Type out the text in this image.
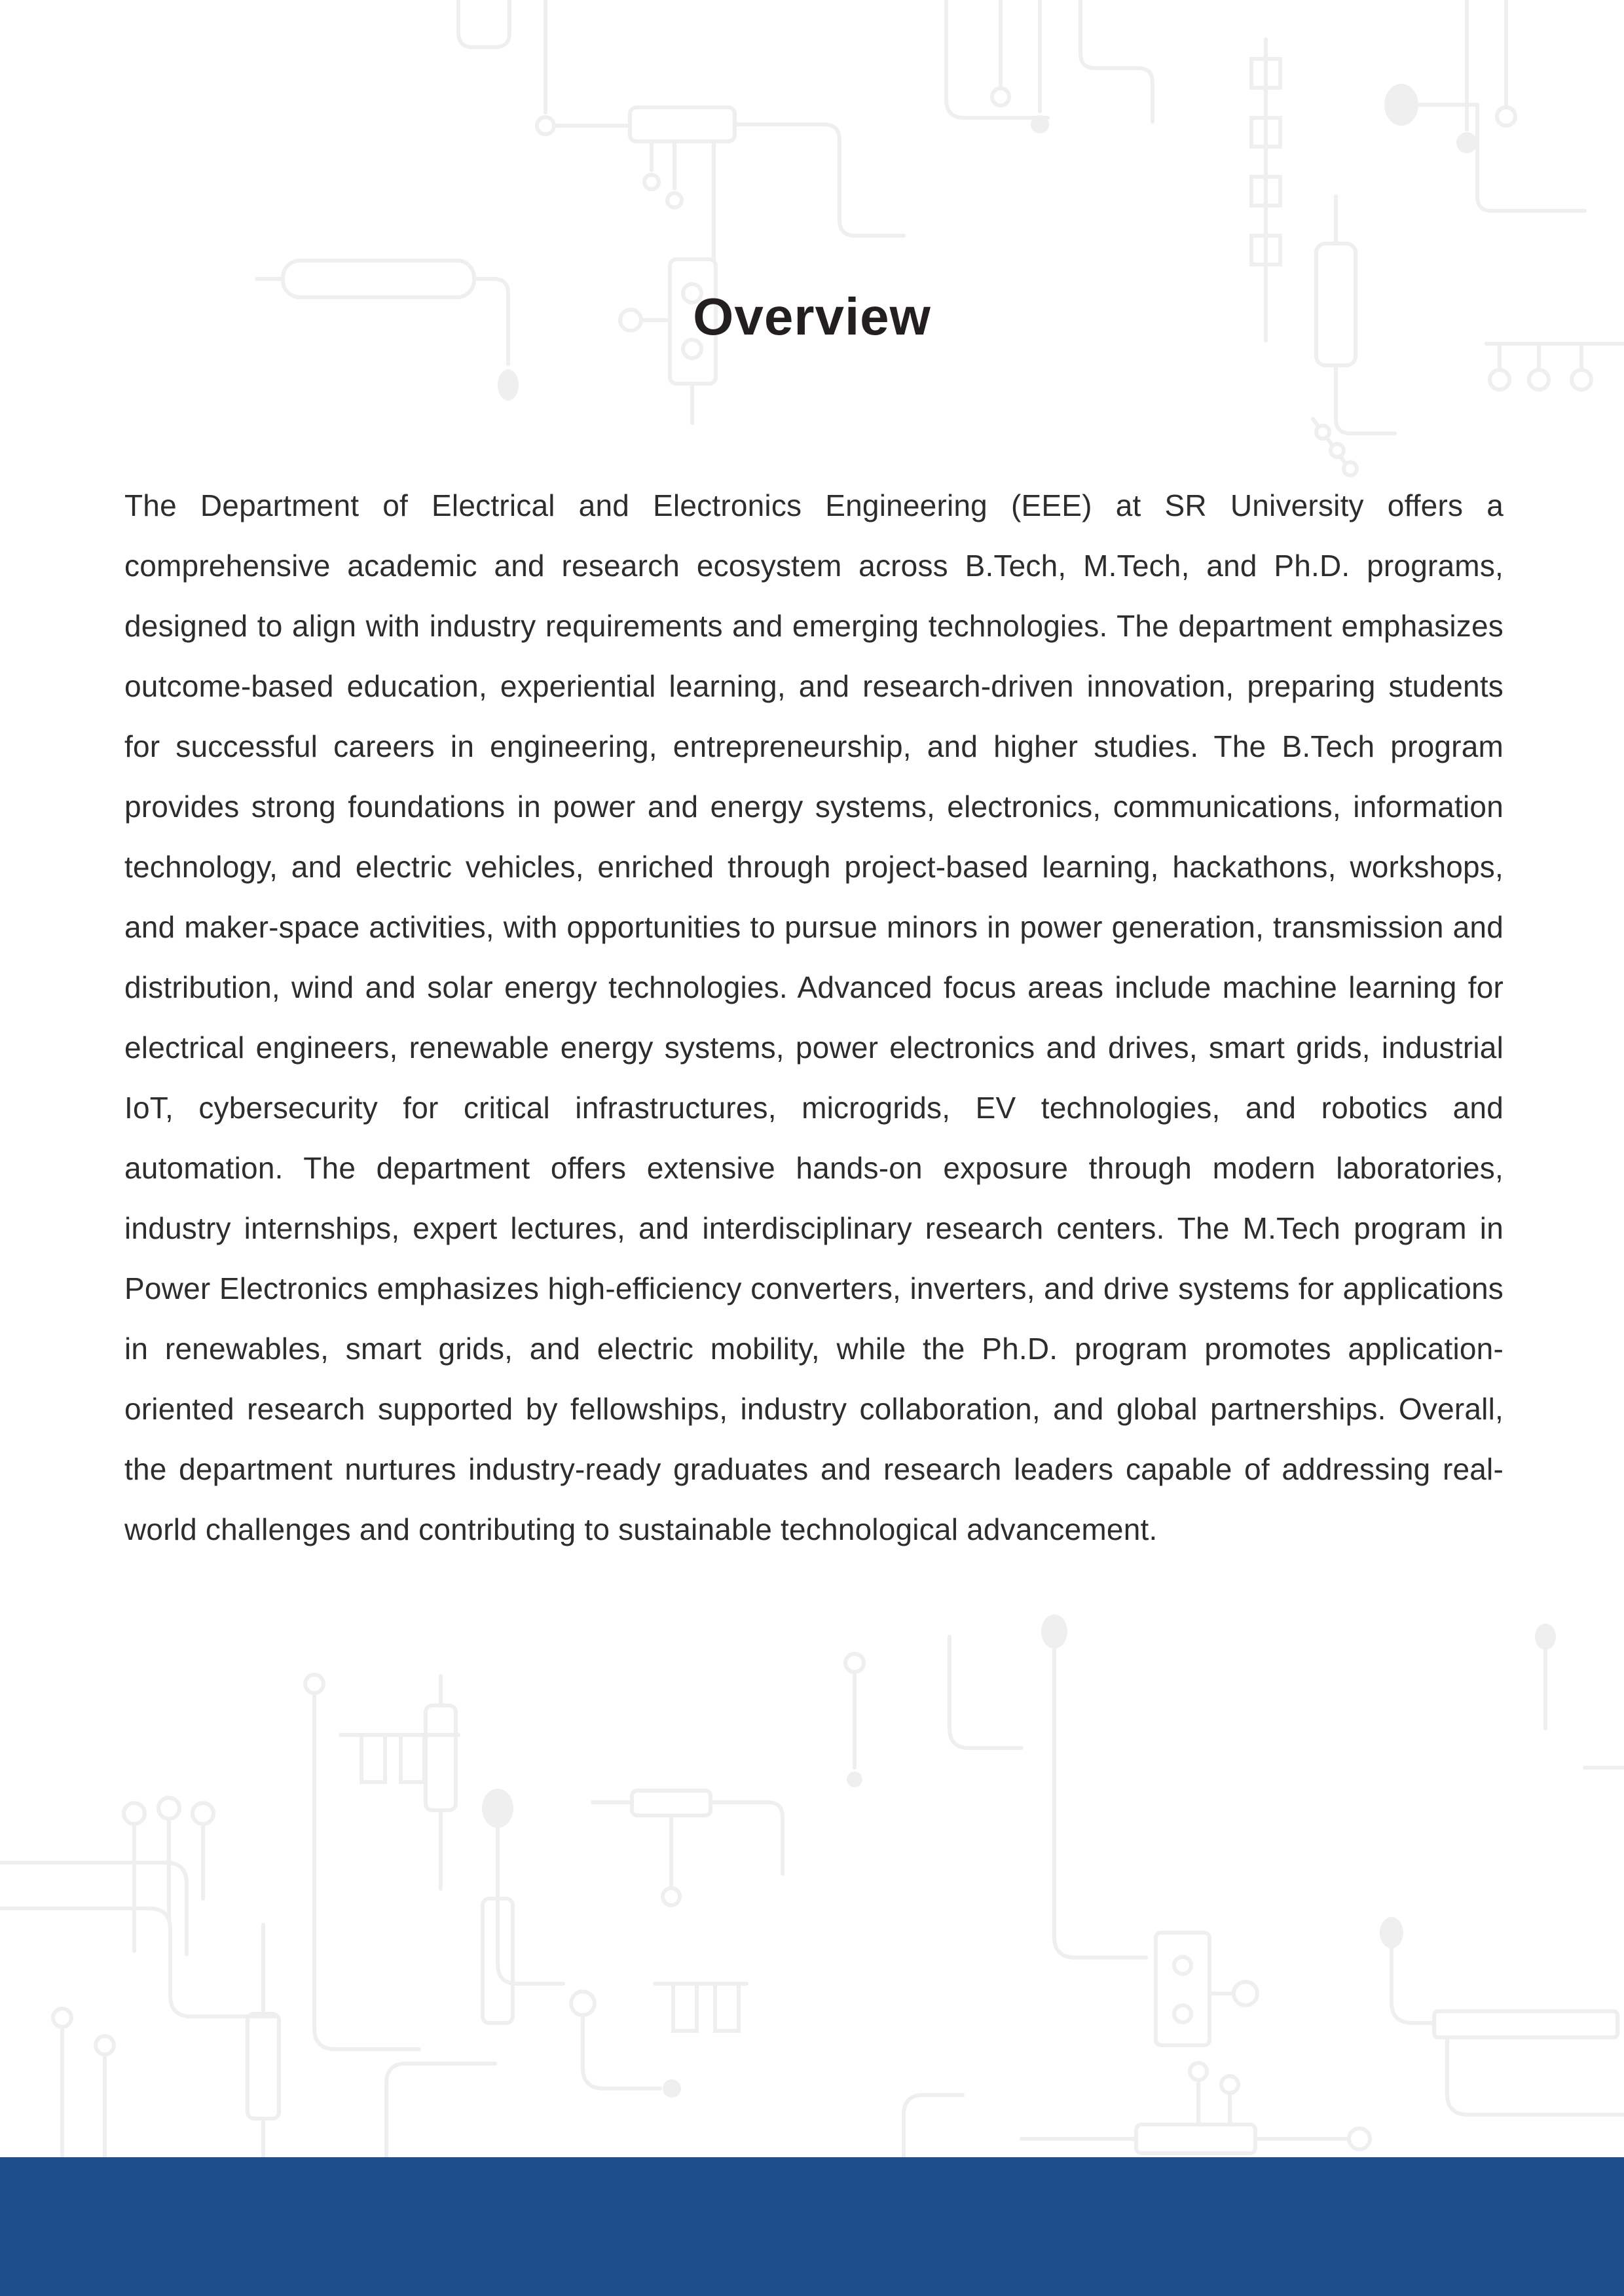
Overview

The Department of Electrical and Electronics Engineering (EEE) at SR University offers a comprehensive academic and research ecosystem across B.Tech, M.Tech, and Ph.D. programs, designed to align with industry requirements and emerging technologies. The department emphasizes outcome-based education, experiential learning, and research-driven innovation, preparing students for successful careers in engineering, entrepreneurship, and higher studies. The B.Tech program provides strong foundations in power and energy systems, electronics, communications, information technology, and electric vehicles, enriched through project-based learning, hackathons, workshops, and maker-space activities, with opportunities to pursue minors in power generation, transmission and distribution, wind and solar energy technologies. Advanced focus areas include machine learning for electrical engineers, renewable energy systems, power electronics and drives, smart grids, industrial IoT, cybersecurity for critical infrastructures, microgrids, EV technologies, and robotics and automation. The department offers extensive hands-on exposure through modern laboratories, industry internships, expert lectures, and interdisciplinary research centers. The M.Tech program in Power Electronics emphasizes high-efficiency converters, inverters, and drive systems for applications in renewables, smart grids, and electric mobility, while the Ph.D. program promotes application-oriented research supported by fellowships, industry collaboration, and global partnerships. Overall, the department nurtures industry-ready graduates and research leaders capable of addressing real-world challenges and contributing to sustainable technological advancement.
